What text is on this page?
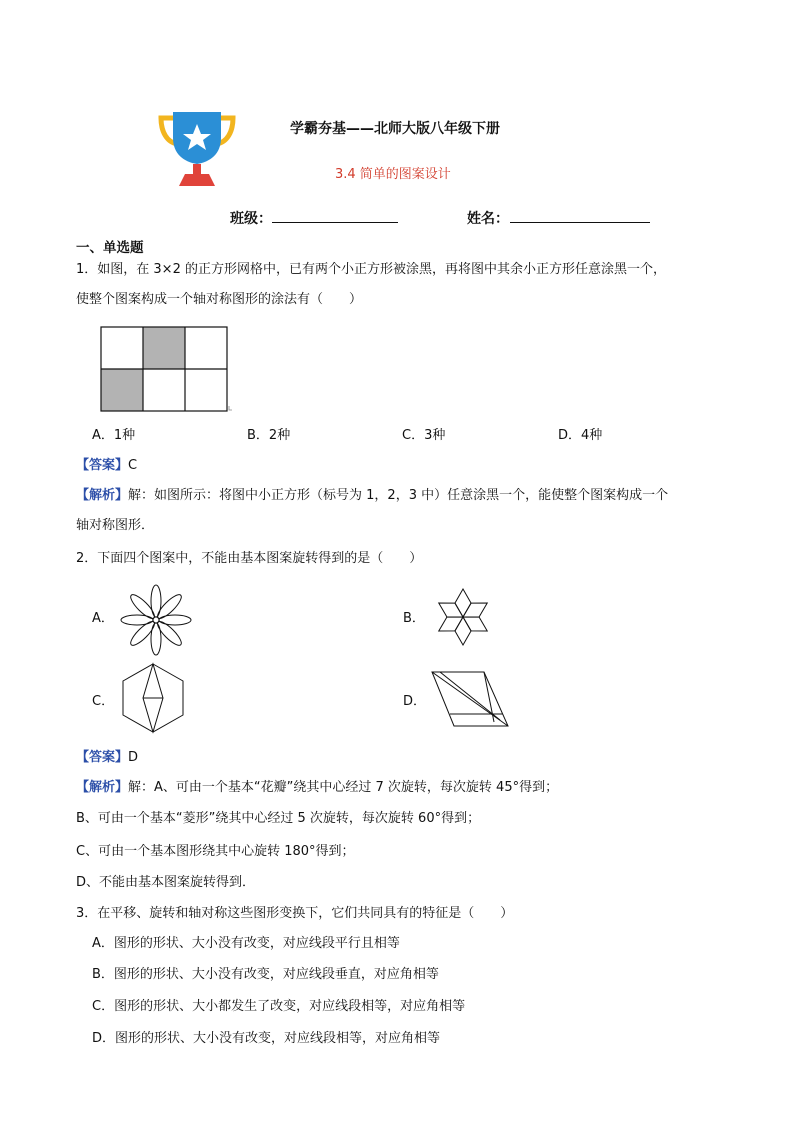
学霸夯基——北师大版八年级下册
3.4 简单的图案设计
班级：	姓名：
一、单选题
1．如图，在 3×2 的正方形网格中，已有两个小正方形被涂黑，再将图中其余小正方形任意涂黑一个，
使整个图案构成一个轴对称图形的涂法有（　　）
A．1种	B．2种	C．3种	D．4种
【答案】C
【解析】解：如图所示：将图中小正方形（标号为 1，2，3 中）任意涂黑一个，能使整个图案构成一个
轴对称图形．
2．下面四个图案中，不能由基本图案旋转得到的是（　　）
A．	B．
C．	D．
【答案】D
【解析】解：A、可由一个基本“花瓣”绕其中心经过 7 次旋转，每次旋转 45°得到；
B、可由一个基本“菱形”绕其中心经过 5 次旋转，每次旋转 60°得到；
C、可由一个基本图形绕其中心旋转 180°得到；
D、不能由基本图案旋转得到．
3．在平移、旋转和轴对称这些图形变换下，它们共同具有的特征是（　　）
A．图形的形状、大小没有改变，对应线段平行且相等
B．图形的形状、大小没有改变，对应线段垂直，对应角相等
C．图形的形状、大小都发生了改变，对应线段相等，对应角相等
D．图形的形状、大小没有改变，对应线段相等，对应角相等
